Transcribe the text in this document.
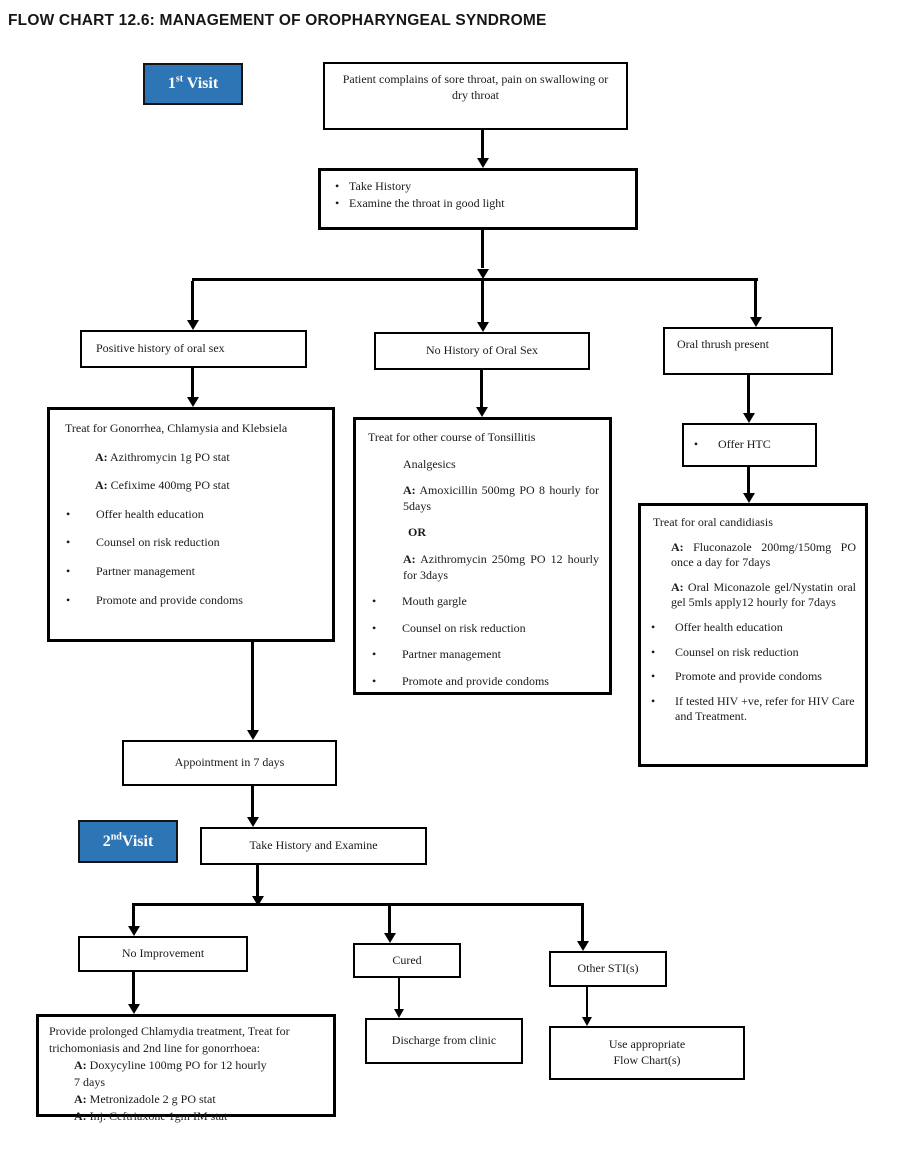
FLOW CHART 12.6: MANAGEMENT OF OROPHARYNGEAL SYNDROME
1st Visit
2ndVisit
Patient complains of sore throat, pain on swallowing or dry throat
• Take History
• Examine the throat in good light
Positive history of oral sex	No History of Oral Sex	Oral thrush present
Treat for Gonorrhea, Chlamysia and Klebsiela
A: Azithromycin 1g PO stat
A: Cefixime 400mg PO stat
•	Offer health education
•	Counsel on risk reduction
•	Partner management
•	Promote and provide condoms
Treat for other course of Tonsillitis
Analgesics
A: Amoxicillin 500mg PO 8 hourly for 5days
OR
A: Azithromycin 250mg PO 12 hourly for 3days
•	Mouth gargle
•	Counsel on risk reduction
•	Partner management
•	Promote and provide condoms
•	Offer HTC
Treat for oral candidiasis
A: Fluconazole 200mg/150mg PO once a day for 7days
A: Oral Miconazole gel/Nystatin oral gel 5mls apply12 hourly for 7days
•	Offer health education
•	Counsel on risk reduction
•	Promote and provide condoms
•	If tested HIV +ve, refer for HIV Care and Treatment.
Appointment in 7 days
Take History and Examine
No Improvement	Cured
Other STI(s)
Provide prolonged Chlamydia treatment, Treat for trichomoniasis and 2nd line for gonorrhoea:
A: Doxycyline 100mg PO for 12 hourly
7 days
A: Metronizadole 2 g PO stat
A: Inj. Ceftriaxone 1gm IM stat
Discharge from clinic	Use appropriate
Flow Chart(s)
